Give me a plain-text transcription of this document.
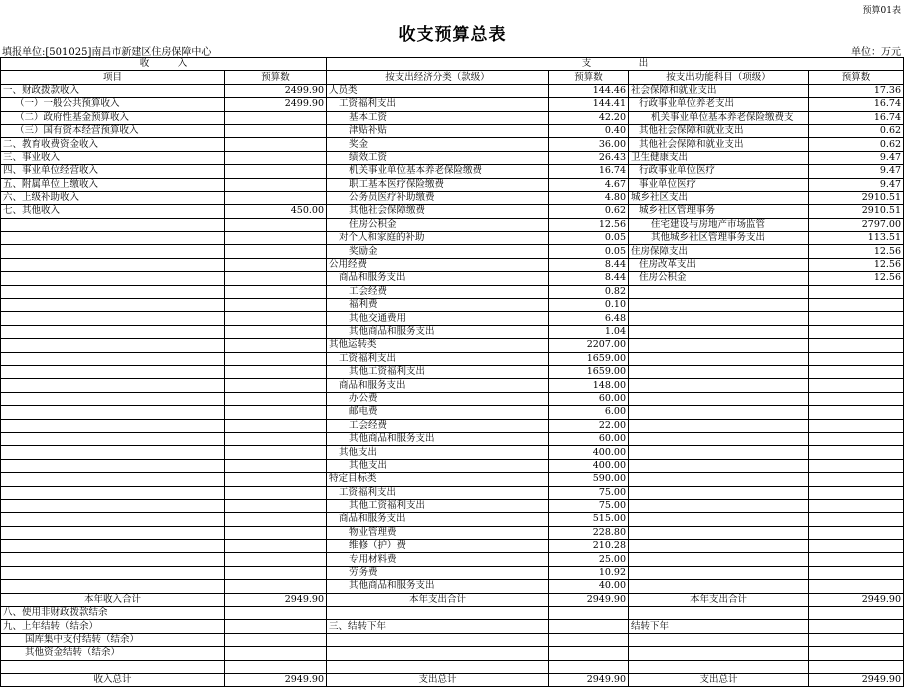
预算01表
收支预算总表
填报单位:[501025]南昌市新建区住房保障中心	单位：万元
收　　　入		支　　　　　出			
项目	预算数	按支出经济分类（款级）	预算数	按支出功能科目（项级）	预算数
一、财政拨款收入	2499.90	人员类	144.46	社会保障和就业支出	17.36
（一）一般公共预算收入	2499.90	工资福利支出	144.41	行政事业单位养老支出	16.74
（二）政府性基金预算收入		基本工资	42.20	机关事业单位基本养老保险缴费支	16.74
（三）国有资本经营预算收入		津贴补贴	0.40	其他社会保障和就业支出	0.62
二、教育收费资金收入		奖金	36.00	其他社会保障和就业支出	0.62
三、事业收入		绩效工资	26.43	卫生健康支出	9.47
四、事业单位经营收入		机关事业单位基本养老保险缴费	16.74	行政事业单位医疗	9.47
五、附属单位上缴收入		职工基本医疗保险缴费	4.67	事业单位医疗	9.47
六、上级补助收入		公务员医疗补助缴费	4.80	城乡社区支出	2910.51
七、其他收入	450.00	其他社会保障缴费	0.62	城乡社区管理事务	2910.51
		住房公积金	12.56	住宅建设与房地产市场监管	2797.00
		对个人和家庭的补助	0.05	其他城乡社区管理事务支出	113.51
		奖励金	0.05	住房保障支出	12.56
		公用经费	8.44	住房改革支出	12.56
		商品和服务支出	8.44	住房公积金	12.56
		工会经费	0.82		
		福利费	0.10		
		其他交通费用	6.48		
		其他商品和服务支出	1.04		
		其他运转类	2207.00		
		工资福利支出	1659.00		
		其他工资福利支出	1659.00		
		商品和服务支出	148.00		
		办公费	60.00		
		邮电费	6.00		
		工会经费	22.00		
		其他商品和服务支出	60.00		
		其他支出	400.00		
		其他支出	400.00		
		特定目标类	590.00		
		工资福利支出	75.00		
		其他工资福利支出	75.00		
		商品和服务支出	515.00		
		物业管理费	228.80		
		维修（护）费	210.28		
		专用材料费	25.00		
		劳务费	10.92		
		其他商品和服务支出	40.00		
本年收入合计	2949.90	本年支出合计	2949.90	本年支出合计	2949.90
八、使用非财政拨款结余					
九、上年结转（结余）		三、结转下年		结转下年	
国库集中支付结转（结余）					
其他资金结转（结余）					

收入总计	2949.90	支出总计	2949.90	支出总计	2949.90
